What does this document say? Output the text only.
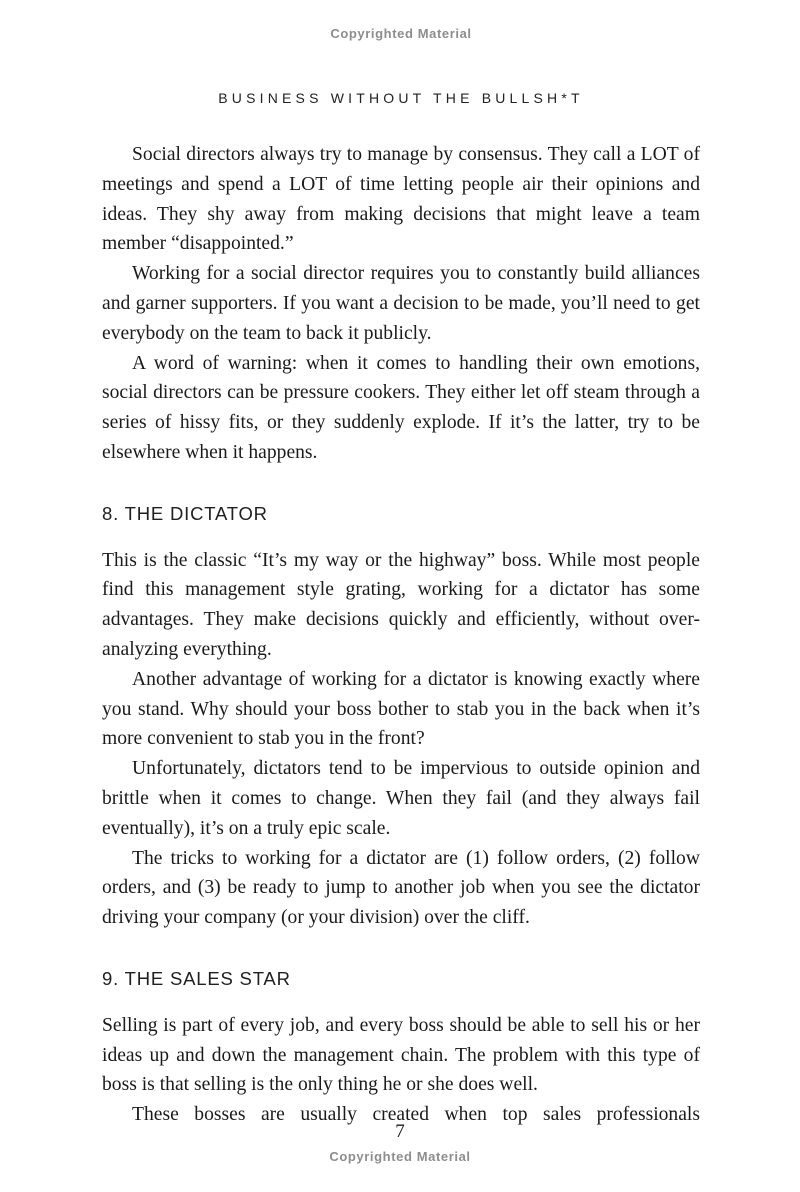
Copyrighted Material
BUSINESS WITHOUT THE BULLSH*T

Social directors always try to manage by consensus. They call a LOT of meetings and spend a LOT of time letting people air their opinions and ideas. They shy away from making decisions that might leave a team member “disappointed.”

Working for a social director requires you to constantly build alliances and garner supporters. If you want a decision to be made, you’ll need to get everybody on the team to back it publicly.

A word of warning: when it comes to handling their own emotions, social directors can be pressure cookers. They either let off steam through a series of hissy fits, or they suddenly explode. If it’s the latter, try to be elsewhere when it happens.

8. THE DICTATOR

This is the classic “It’s my way or the highway” boss. While most people find this management style grating, working for a dictator has some advantages. They make decisions quickly and efficiently, without over-analyzing everything.

Another advantage of working for a dictator is knowing exactly where you stand. Why should your boss bother to stab you in the back when it’s more convenient to stab you in the front?

Unfortunately, dictators tend to be impervious to outside opinion and brittle when it comes to change. When they fail (and they always fail eventually), it’s on a truly epic scale.

The tricks to working for a dictator are (1) follow orders, (2) follow orders, and (3) be ready to jump to another job when you see the dictator driving your company (or your division) over the cliff.

9. THE SALES STAR

Selling is part of every job, and every boss should be able to sell his or her ideas up and down the management chain. The problem with this type of boss is that selling is the only thing he or she does well.

These bosses are usually created when top sales professionals

7
Copyrighted Material
